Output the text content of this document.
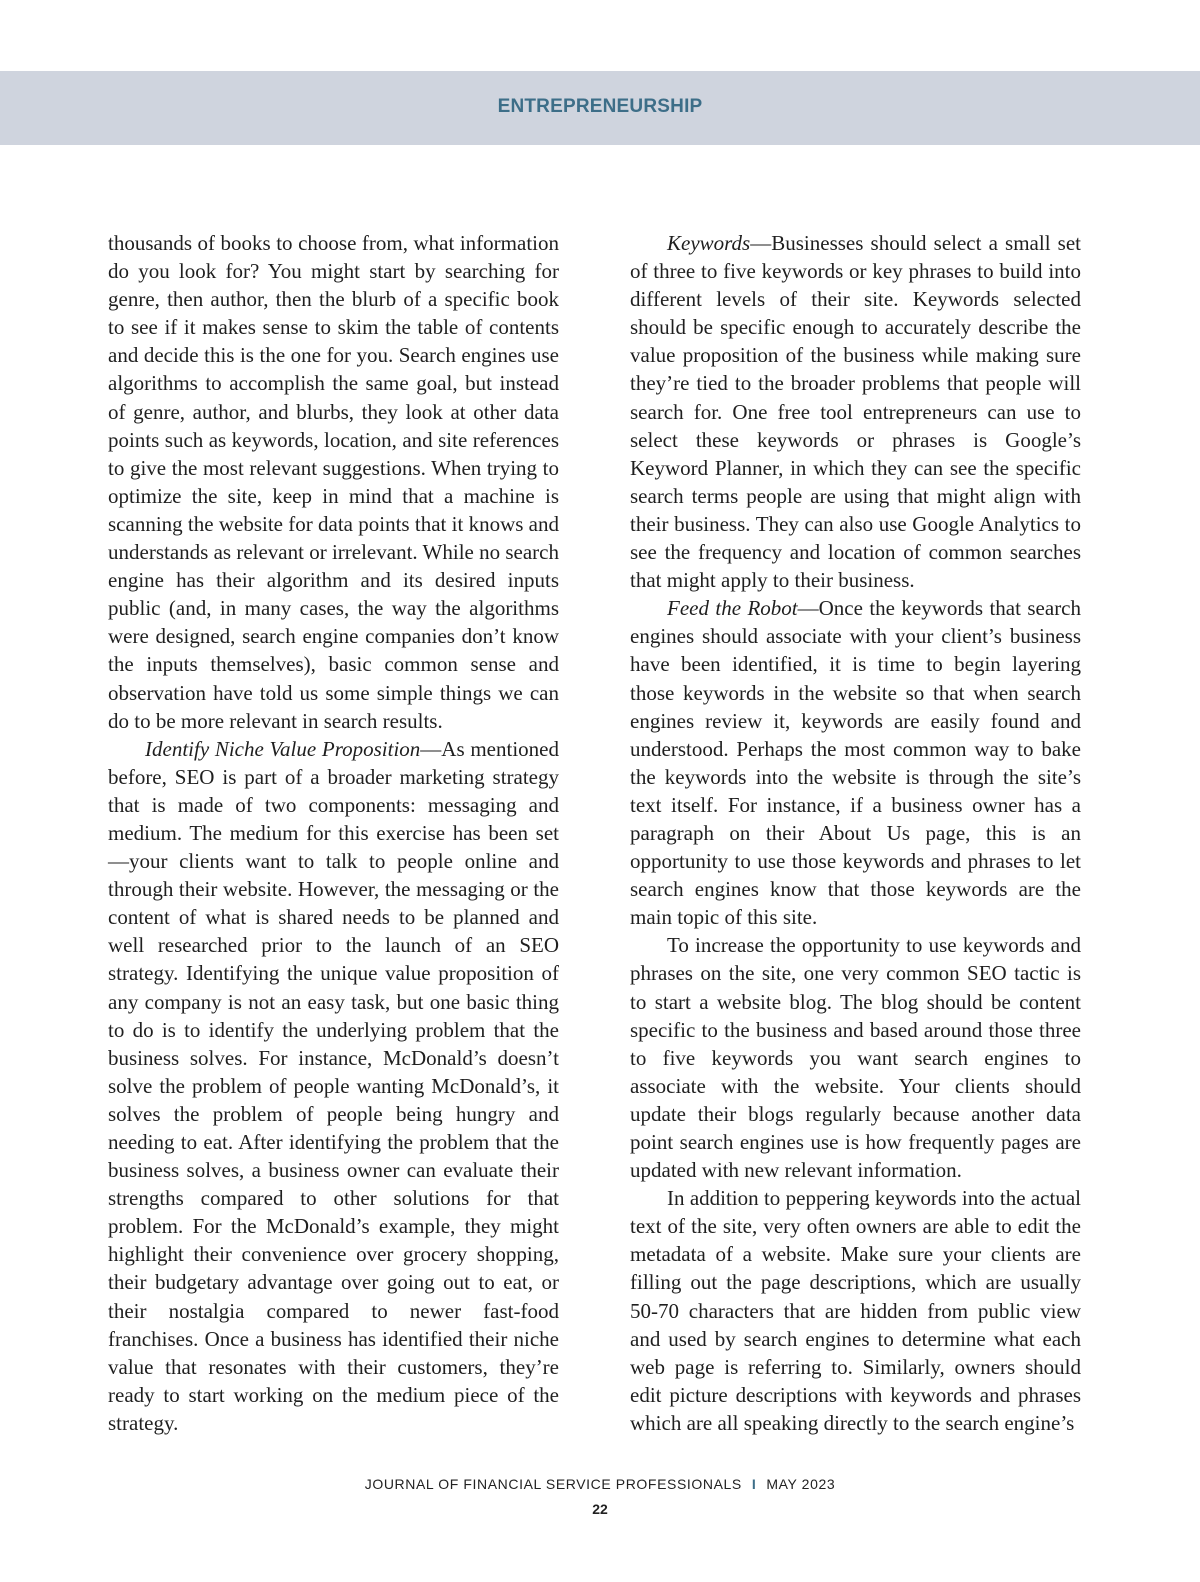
ENTREPRENEURSHIP

thousands of books to choose from, what information do you look for? You might start by searching for genre, then author, then the blurb of a specific book to see if it makes sense to skim the table of contents and decide this is the one for you. Search engines use algorithms to accomplish the same goal, but instead of genre, author, and blurbs, they look at other data points such as keywords, location, and site references to give the most relevant suggestions. When trying to optimize the site, keep in mind that a machine is scanning the website for data points that it knows and understands as relevant or irrelevant. While no search engine has their algorithm and its desired inputs public (and, in many cases, the way the algorithms were designed, search engine companies don’t know the inputs themselves), basic common sense and observation have told us some simple things we can do to be more relevant in search results.

Identify Niche Value Proposition—As mentioned before, SEO is part of a broader marketing strategy that is made of two components: messaging and medium. The medium for this exercise has been set—your clients want to talk to people online and through their website. However, the messaging or the content of what is shared needs to be planned and well researched prior to the launch of an SEO strategy. Identifying the unique value proposition of any company is not an easy task, but one basic thing to do is to identify the underlying problem that the business solves. For instance, McDonald’s doesn’t solve the problem of people wanting McDonald’s, it solves the problem of people being hungry and needing to eat. After identifying the problem that the business solves, a business owner can evaluate their strengths compared to other solutions for that problem. For the McDonald’s example, they might highlight their convenience over grocery shopping, their budgetary advantage over going out to eat, or their nostalgia compared to newer fast-food franchises. Once a business has identified their niche value that resonates with their customers, they’re ready to start working on the medium piece of the strategy.

Keywords—Businesses should select a small set of three to five keywords or key phrases to build into different levels of their site. Keywords selected should be specific enough to accurately describe the value proposition of the business while making sure they’re tied to the broader problems that people will search for. One free tool entrepreneurs can use to select these keywords or phrases is Google’s Keyword Planner, in which they can see the specific search terms people are using that might align with their business. They can also use Google Analytics to see the frequency and location of common searches that might apply to their business.

Feed the Robot—Once the keywords that search engines should associate with your client’s business have been identified, it is time to begin layering those keywords in the website so that when search engines review it, keywords are easily found and understood. Perhaps the most common way to bake the keywords into the website is through the site’s text itself. For instance, if a business owner has a paragraph on their About Us page, this is an opportunity to use those keywords and phrases to let search engines know that those keywords are the main topic of this site.

To increase the opportunity to use keywords and phrases on the site, one very common SEO tactic is to start a website blog. The blog should be content specific to the business and based around those three to five keywords you want search engines to associate with the website. Your clients should update their blogs regularly because another data point search engines use is how frequently pages are updated with new relevant information.

In addition to peppering keywords into the actual text of the site, very often owners are able to edit the metadata of a website. Make sure your clients are filling out the page descriptions, which are usually 50-70 characters that are hidden from public view and used by search engines to determine what each web page is referring to. Similarly, owners should edit picture descriptions with keywords and phrases which are all speaking directly to the search engine’s

JOURNAL OF FINANCIAL SERVICE PROFESSIONALS I MAY 2023
22
